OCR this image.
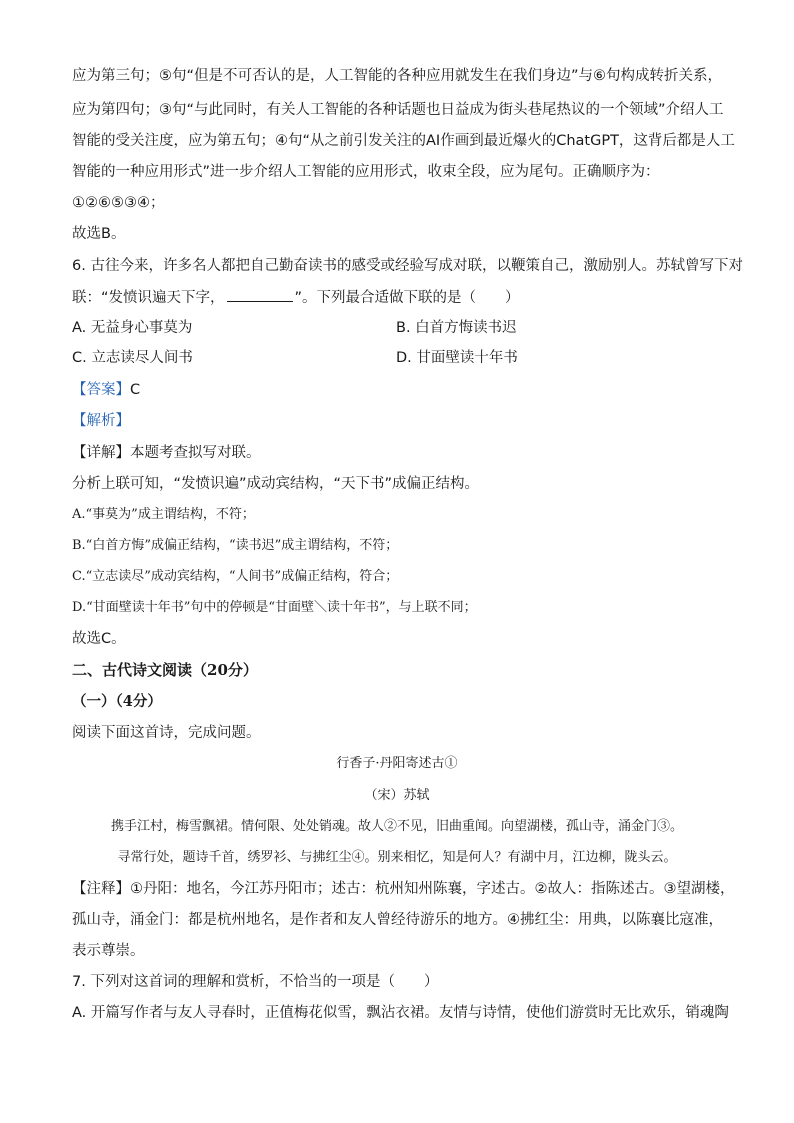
应为第三句；⑤句“但是不可否认的是，人工智能的各种应用就发生在我们身边”与⑥句构成转折关系，
应为第四句；③句“与此同时，有关人工智能的各种话题也日益成为街头巷尾热议的一个领域”介绍人工
智能的受关注度，应为第五句；④句“从之前引发关注的AI作画到最近爆火的ChatGPT，这背后都是人工
智能的一种应用形式”进一步介绍人工智能的应用形式，收束全段，应为尾句。正确顺序为：
①②⑥⑤③④；
故选B。
6. 古往今来，许多名人都把自己勤奋读书的感受或经验写成对联，以鞭策自己，激励别人。苏轼曾写下对
联：“发愤识遍天下字，	”。下列最合适做下联的是（　　）
A. 无益身心事莫为	B. 白首方悔读书迟
C. 立志读尽人间书	D. 甘面壁读十年书
【答案】C
【解析】
【详解】本题考查拟写对联。
分析上联可知，“发愤识遍”成动宾结构，“天下书”成偏正结构。
A.“事莫为”成主谓结构，不符；
B.“白首方悔”成偏正结构，“读书迟”成主谓结构，不符；
C.“立志读尽”成动宾结构，“人间书”成偏正结构，符合；
D.“甘面壁读十年书”句中的停顿是“甘面壁＼读十年书”，与上联不同；
故选C。
二、古代诗文阅读（20分）
（一）（4分）
阅读下面这首诗，完成问题。
行香子·丹阳寄述古①
（宋）苏轼
携手江村，梅雪飘裙。情何限、处处销魂。故人②不见，旧曲重闻。向望湖楼，孤山寺，涌金门③。
寻常行处，题诗千首，绣罗衫、与拂红尘④。别来相忆，知是何人？有湖中月，江边柳，陇头云。
【注释】①丹阳：地名，今江苏丹阳市；述古：杭州知州陈襄，字述古。②故人：指陈述古。③望湖楼，
孤山寺，涌金门：都是杭州地名，是作者和友人曾经待游乐的地方。④拂红尘：用典，以陈襄比寇准，
表示尊崇。
7. 下列对这首词的理解和赏析，不恰当的一项是（　　）
A. 开篇写作者与友人寻春时，正值梅花似雪，飘沾衣裙。友情与诗情，使他们游赏时无比欢乐，销魂陶
